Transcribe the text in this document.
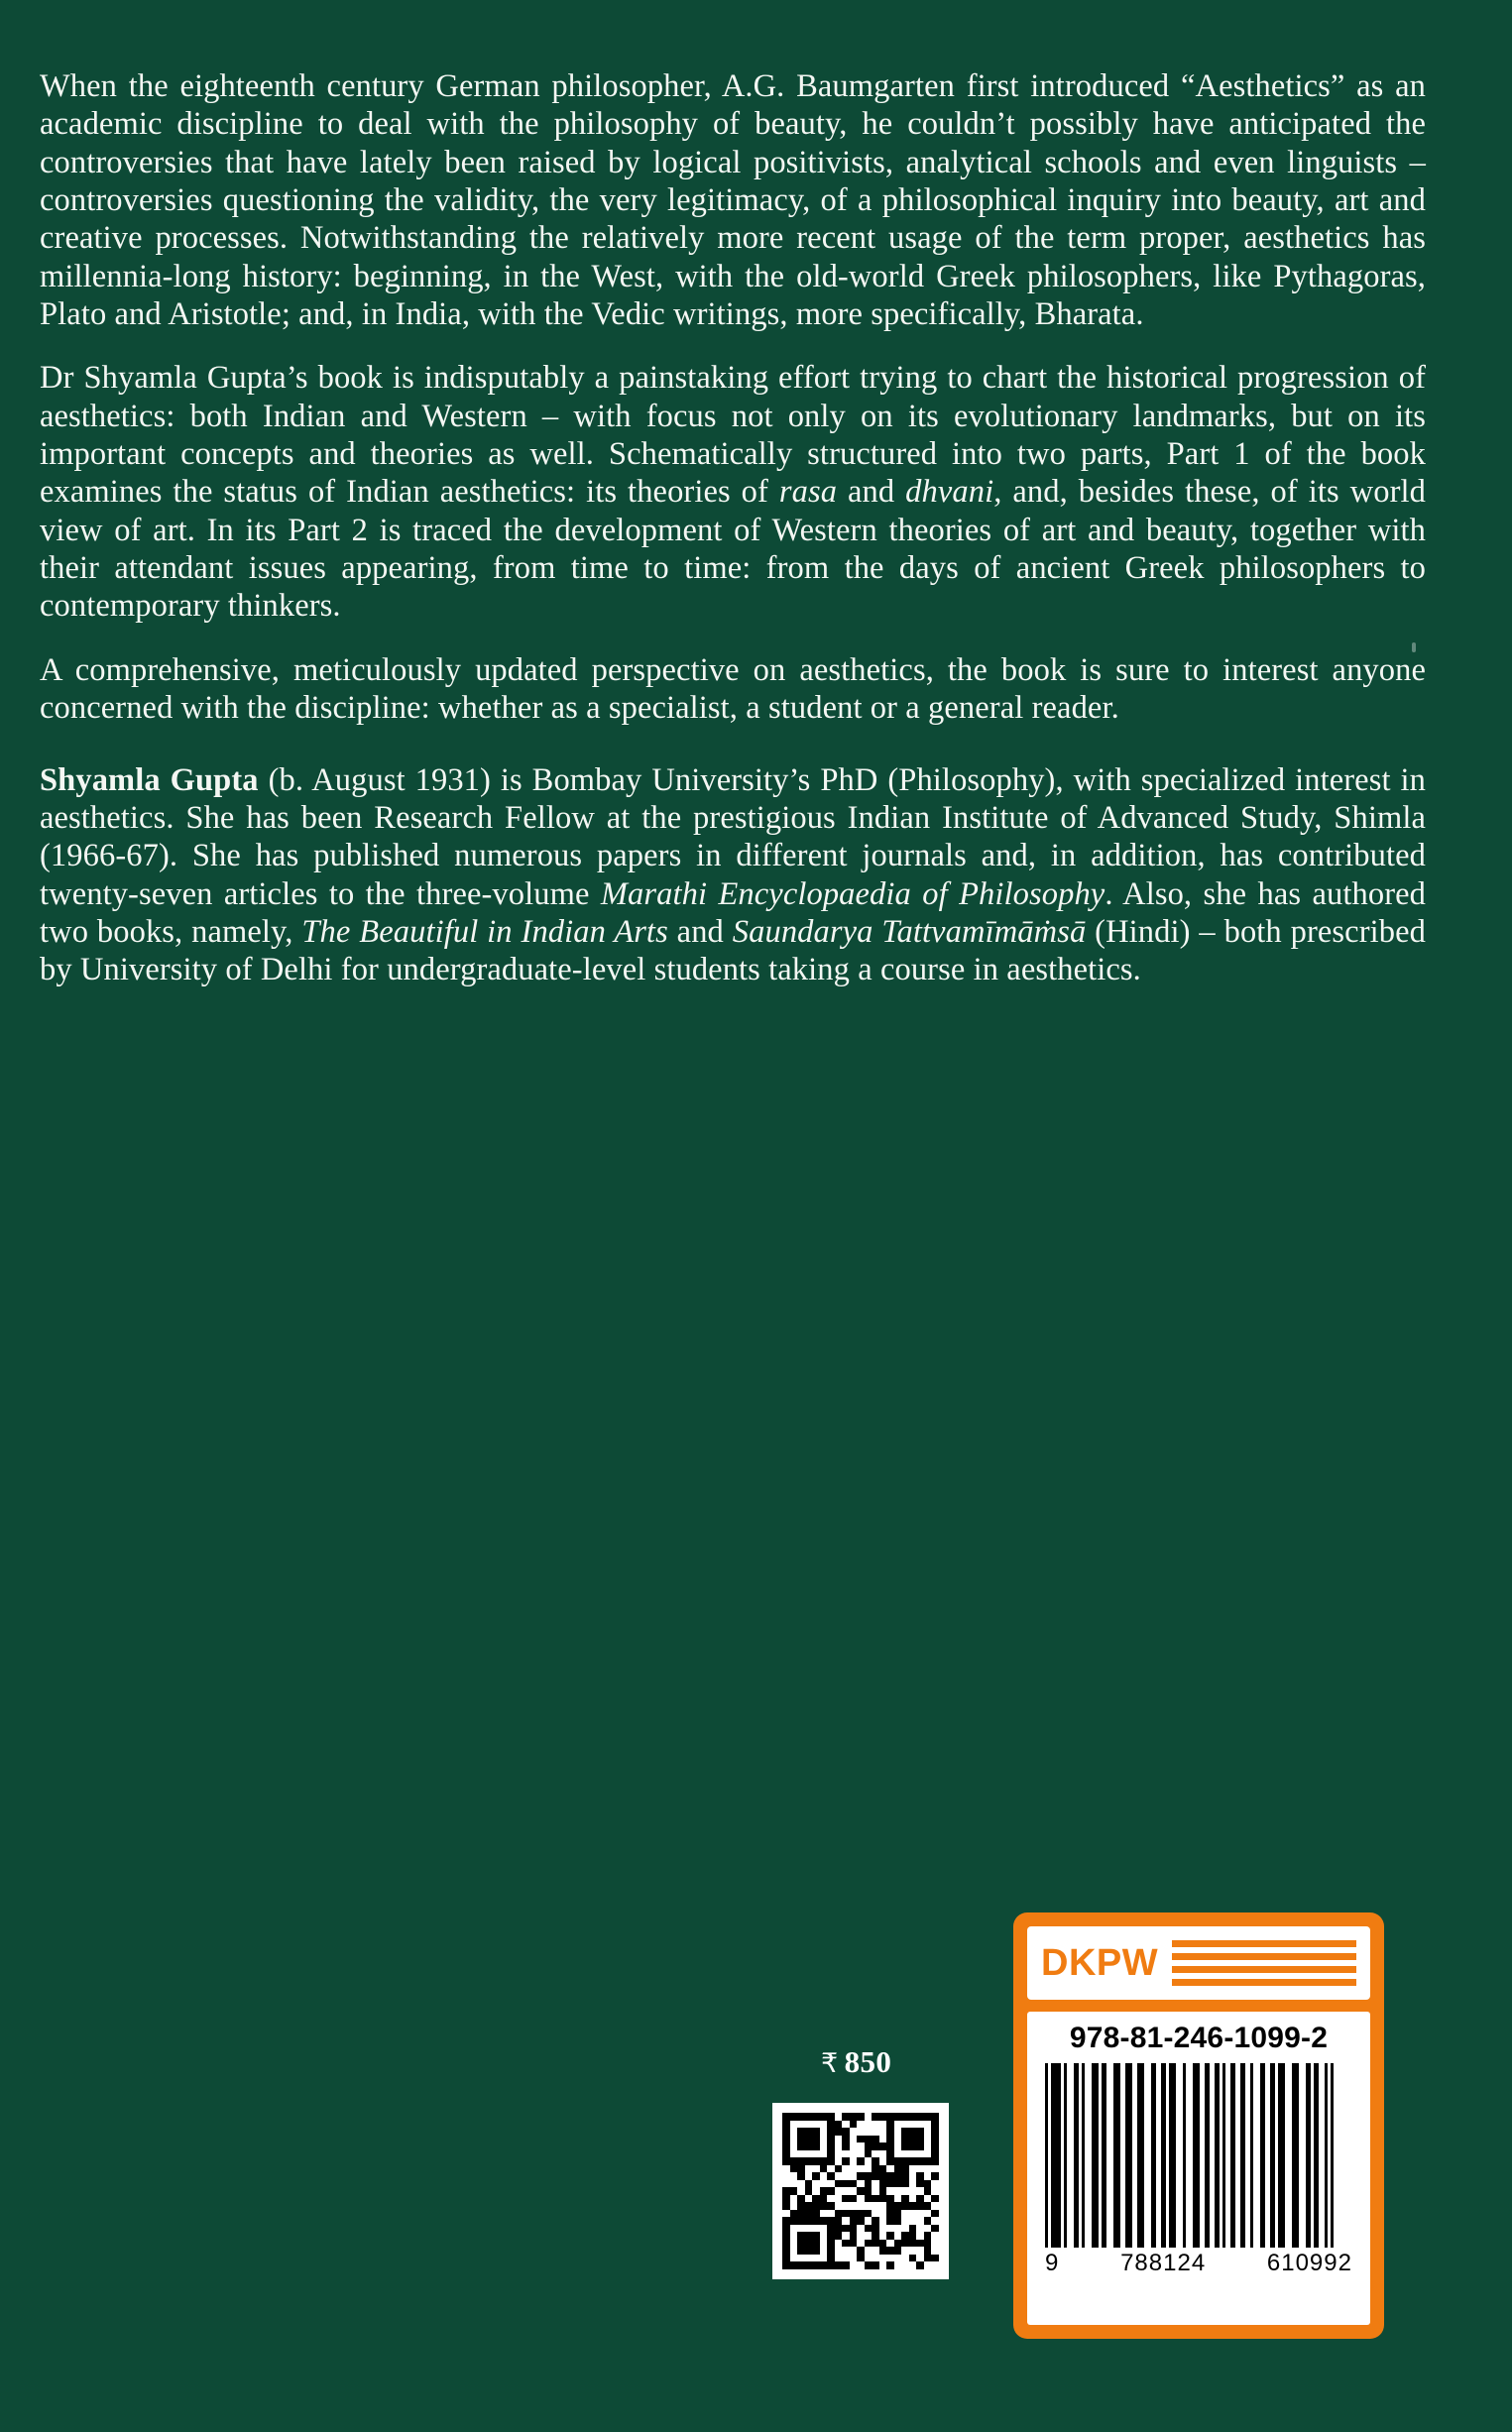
When the eighteenth century German philosopher, A.G. Baumgarten first introduced “Aesthetics” as an academic discipline to deal with the philosophy of beauty, he couldn’t possibly have anticipated the controversies that have lately been raised by logical positivists, analytical schools and even linguists – controversies questioning the validity, the very legitimacy, of a philosophical inquiry into beauty, art and creative processes. Notwithstanding the relatively more recent usage of the term proper, aesthetics has millennia-long history: beginning, in the West, with the old-world Greek philosophers, like Pythagoras, Plato and Aristotle; and, in India, with the Vedic writings, more specifically, Bharata.

Dr Shyamla Gupta’s book is indisputably a painstaking effort trying to chart the historical progression of aesthetics: both Indian and Western – with focus not only on its evolutionary landmarks, but on its important concepts and theories as well. Schematically structured into two parts, Part 1 of the book examines the status of Indian aesthetics: its theories of rasa and dhvani, and, besides these, of its world view of art. In its Part 2 is traced the development of Western theories of art and beauty, together with their attendant issues appearing, from time to time: from the days of ancient Greek philosophers to contemporary thinkers.

A comprehensive, meticulously updated perspective on aesthetics, the book is sure to interest anyone concerned with the discipline: whether as a specialist, a student or a general reader.

Shyamla Gupta (b. August 1931) is Bombay University’s PhD (Philosophy), with specialized interest in aesthetics. She has been Research Fellow at the prestigious Indian Institute of Advanced Study, Shimla (1966-67). She has published numerous papers in different journals and, in addition, has contributed twenty-seven articles to the three-volume Marathi Encyclopaedia of Philosophy. Also, she has authored two books, namely, The Beautiful in Indian Arts and Saundarya Tattvamīmāṁsā (Hindi) – both prescribed by University of Delhi for undergraduate-level students taking a course in aesthetics.

₹ 850
DKPW
978-81-246-1099-2
9	788124	610992
